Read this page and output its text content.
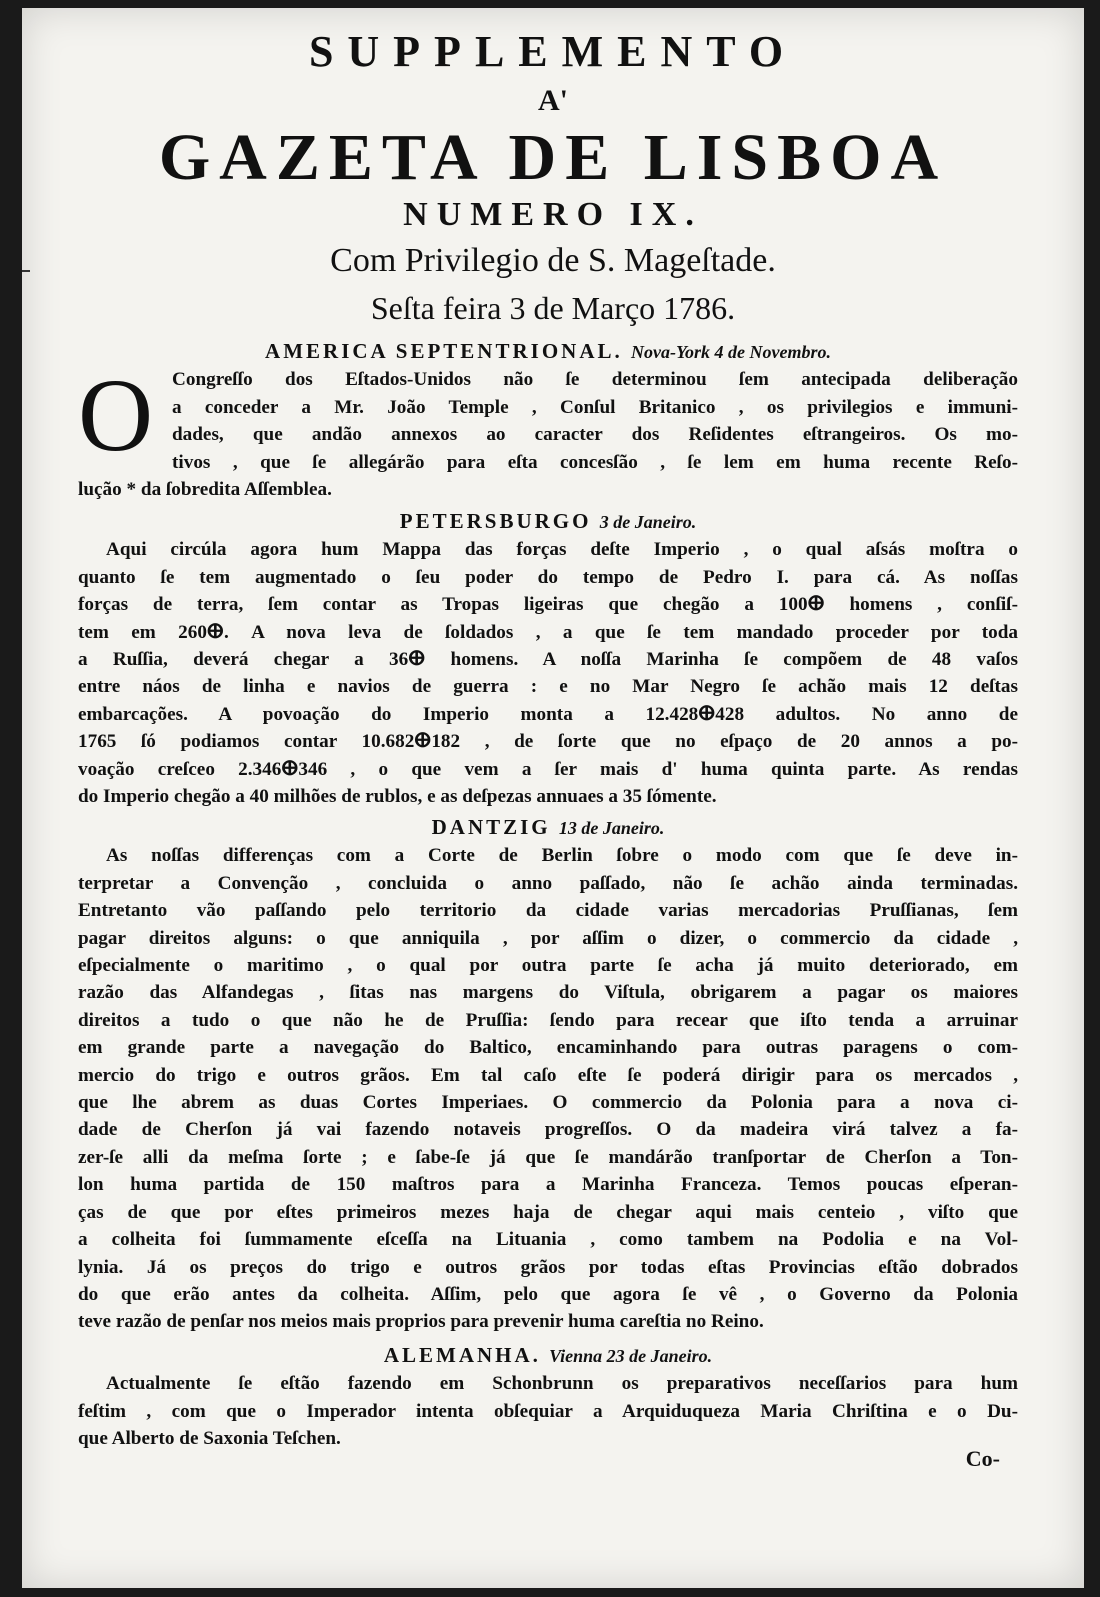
SUPPLEMENTO
A'
GAZETA DE LISBOA
NUMERO IX.
Com Privilegio de S. Mageſtade.
Seſta feira 3 de Março 1786.

AMERICA SEPTENTRIONAL. Nova-York 4 de Novembro.

O Congreſſo dos Eſtados-Unidos não ſe determinou ſem antecipada deliberação
a conceder a Mr. João Temple , Conſul Britanico , os privilegios e immuni-
dades, que andão annexos ao caracter dos Reſidentes eſtrangeiros. Os mo-
tivos , que ſe allegárão para eſta concesſão , ſe lem em huma recente Reſo-
lução * da ſobredita Aſſemblea.

PETERSBURGO 3 de Janeiro.

Aqui circúla agora hum Mappa das forças deſte Imperio , o qual aſsás moſtra o
quanto ſe tem augmentado o ſeu poder do tempo de Pedro I. para cá. As noſſas
forças de terra, ſem contar as Tropas ligeiras que chegão a 100ⴲ homens , conſiſ-
tem em 260ⴲ. A nova leva de ſoldados , a que ſe tem mandado proceder por toda
a Ruſſia, deverá chegar a 36ⴲ homens. A noſſa Marinha ſe compõem de 48 vaſos
entre náos de linha e navios de guerra : e no Mar Negro ſe achão mais 12 deſtas
embarcações. A povoação do Imperio monta a 12.428ⴲ428 adultos. No anno de
1765 ſó podiamos contar 10.682ⴲ182 , de ſorte que no eſpaço de 20 annos a po-
voação creſceo 2.346ⴲ346 , o que vem a ſer mais d' huma quinta parte. As rendas
do Imperio chegão a 40 milhões de rublos, e as deſpezas annuaes a 35 ſómente.

DANTZIG 13 de Janeiro.

As noſſas differenças com a Corte de Berlin ſobre o modo com que ſe deve in-
terpretar a Convenção , concluida o anno paſſado, não ſe achão ainda terminadas.
Entretanto vão paſſando pelo territorio da cidade varias mercadorias Pruſſianas, ſem
pagar direitos alguns: o que anniquila , por aſſim o dizer, o commercio da cidade ,
eſpecialmente o maritimo , o qual por outra parte ſe acha já muito deteriorado, em
razão das Alfandegas , ſitas nas margens do Viſtula, obrigarem a pagar os maiores
direitos a tudo o que não he de Pruſſia: ſendo para recear que iſto tenda a arruinar
em grande parte a navegação do Baltico, encaminhando para outras paragens o com-
mercio do trigo e outros grãos. Em tal caſo eſte ſe poderá dirigir para os mercados ,
que lhe abrem as duas Cortes Imperiaes. O commercio da Polonia para a nova ci-
dade de Cherſon já vai fazendo notaveis progreſſos. O da madeira virá talvez a fa-
zer-ſe alli da meſma ſorte ; e ſabe-ſe já que ſe mandárão tranſportar de Cherſon a Ton-
lon huma partida de 150 maſtros para a Marinha Franceza. Temos poucas eſperan-
ças de que por eſtes primeiros mezes haja de chegar aqui mais centeio , viſto que
a colheita foi ſummamente eſceſſa na Lituania , como tambem na Podolia e na Vol-
lynia. Já os preços do trigo e outros grãos por todas eſtas Provincias eſtão dobrados
do que erão antes da colheita. Aſſim, pelo que agora ſe vê , o Governo da Polonia
teve razão de penſar nos meios mais proprios para prevenir huma careſtia no Reino.

ALEMANHA. Vienna 23 de Janeiro.

Actualmente ſe eſtão fazendo em Schonbrunn os preparativos neceſſarios para hum
feſtim , com que o Imperador intenta obſequiar a Arquiduqueza Maria Chriſtina e o Du-
que Alberto de Saxonia Teſchen.
Co-
